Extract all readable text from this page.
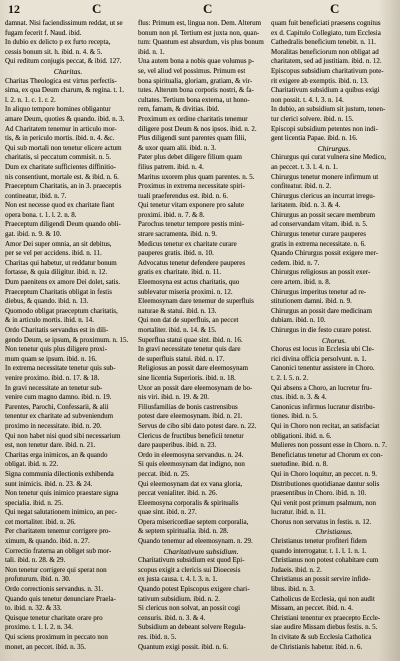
12	C	C	C
damnat. Nisi faciendissimum reddat, ut se
fugam fecerit f. Naud. ibid.
In dubio ex delicto p ex furto recepta,
cessis bonum sit. h. ibid. n. 4. & 5.
Qui reditum conjugis peccat, & ibid. 127.
Charitas.
Charitas Theologica est virtus perfectis-
sima, ex qua Deum charum, & regina. t. 1.
l. 2. n. 1. c. 1. r. 2.
In aliquo tempore homines obligantur
amare Deum, quoties & quando. ibid. n. 3.
Ad Charitatem tenemur in articulo mor-
tis, & in periculo mortis. ibid. n. 4. &c.
Qui sub mortali non tenetur elicere actum
charitatis, si peccatum commisit. n. 5.
Dum ex charitate sufficientes diffinitio-
nis consentiunt, mortale est. & ibid. n. 6.
Praeceptum Charitatis, an in 3. praeceptis
contineatur, ibid. n. 7.
Non est necesse quod ex charitate fiant
opera bona. t. 1. l. 2. n. 8.
Praeceptum diligendi Deum quando obli-
gat. ibid. n. 9. & 10.
Amor Dei super omnia, an sit debitus,
per se vel per accidens. ibid. n. 11.
Charitas qui habetur, ut reddatur bonum
fortasse, & quia diligitur. ibid. n. 12.
Dum paenitens ex amore Dei dolet, satis.
Praeceptum Charitatis obligat in festis
diebus, & quando. ibid. n. 13.
Quomodo obligat praeceptum charitatis,
& in articulo mortis. ibid. n. 14.
Ordo Charitatis servandus est in dili-
gendo Deum, se ipsum, & proximum. n. 15.
Non tenetur quis plus diligere proxi-
mum quam se ipsum. ibid. n. 16.
In extrema necessitate tenetur quis sub-
venire proximo. ibid. n. 17. & 18.
In gravi necessitate an tenetur sub-
venire cum magno damno. ibid. n. 19.
Parentes, Parochi, Confessarii, & alii
tenentur ex charitate ad subveniendum
proximo in necessitate. ibid. n. 20.
Qui non habet nisi quod sibi necessarium
est, non tenetur dare. ibid. n. 21.
Charitas erga inimicos, an & quando
obligat. ibid. n. 22.
Signa communia dilectionis exhibenda
sunt inimicis. ibid. n. 23. & 24.
Non tenetur quis inimico praestare signa
specialia. ibid. n. 25.
Qui negat salutationem inimico, an pec-
cet mortaliter. ibid. n. 26.
Per charitatem tenemur corrigere pro-
ximum, & quando. ibid. n. 27.
Correctio fraterna an obliget sub mor-
tali. ibid. n. 28. & 29.
Non tenetur corrigere qui sperat non
profuturum. ibid. n. 30.
Ordo correctionis servandus. n. 31.
Quando quis tenetur denunciare Praela-
to. ibid. n. 32. & 33.
Quisque tenetur charitate orare pro
proximo. t. 1. l. 2. n. 34.
Qui sciens proximum in peccato non
monet, an peccet. ibid. n. 35.
flus: Primum est, lingua non. Dem. Alterum
bonum non pl. Tertium est juxta non, quan-
tum: Quantum est absurdum, vis plus bonum
ibid. n. 1.
Una autem bona a nobis quae volumus p-
se, vel aliud vel possimus. Primum est
bona spiritualia, gloriam, gratiam, & vir-
tutes. Alterum bona corporis nostri, & fa-
cultates. Tertium bona externa, ut hono-
rem, famam, & divitias. ibid.
Proximum ex ordine charitatis tenemur
diligere post Deum & nos ipsos. ibid. n. 2.
Plus diligendi sunt parentes quam filii,
& uxor quam alii. ibid. n. 3.
Pater plus debet diligere filium quam
filius patrem. ibid. n. 4.
Maritus uxorem plus quam parentes. n. 5.
Proximus in extrema necessitate spiri-
tuali praeferendus est. ibid. n. 6.
Qui tenetur vitam exponere pro salute
proximi. ibid. n. 7. & 8.
Parochus tenetur tempore pestis mini-
strare sacramenta. ibid. n. 9.
Medicus tenetur ex charitate curare
pauperes gratis. ibid. n. 10.
Advocatus tenetur defendere pauperes
gratis ex charitate. ibid. n. 11.
Eleemosyna est actus charitatis, quo
sublevatur miseria proximi. n. 12.
Eleemosynam dare tenemur de superfluis
naturae & statui. ibid. n. 13.
Qui non dat de superfluis, an peccet
mortaliter. ibid. n. 14. & 15.
Superflua statui quae sint. ibid. n. 16.
In gravi necessitate tenetur quis dare
de superfluis statui. ibid. n. 17.
Religiosus an possit dare eleemosynam
sine licentia Superioris. ibid. n. 18.
Uxor an possit dare eleemosynam de bo-
nis viri. ibid. n. 19. & 20.
Filiusfamilias de bonis castrensibus
potest dare eleemosynam. ibid. n. 21.
Servus de cibo sibi dato potest dare. n. 22.
Clericus de fructibus beneficii tenetur
dare pauperibus. ibid. n. 23.
Ordo in eleemosyna servandus. n. 24.
Si quis eleemosynam dat indigno, non
peccat. ibid. n. 25.
Qui eleemosynam dat ex vana gloria,
peccat venialiter. ibid. n. 26.
Eleemosyna corporalis & spiritualis
quae sint. ibid. n. 27.
Opera misericordiae septem corporalia,
& septem spiritualia. ibid. n. 28.
Quando tenemur ad eleemosynam. n. 29.
Charitativum subsidium.
Charitativum subsidium est quod Epi-
scopus exigit a clericis sui Dioecesis
ex justa causa. t. 4. l. 3. n. 1.
Quando potest Episcopus exigere chari-
tativum subsidium. ibid. n. 2.
Si clericus non solvat, an possit cogi
censuris. ibid. n. 3. & 4.
Subsidium an debeant solvere Regula-
res. ibid. n. 5.
Quantum exigi possit. ibid. n. 6.
quam fuit beneficiati praesens cognitus
ex d. Capitulo Collegiato, tum Ecclesia
Cathedralis beneficium tenebit. n. 11.
Moralitas beneficiorum non obligat ad
charitatem, sed ad justitiam. ibid. n. 12.
Episcopus subsidium charitativum pote-
rit exigere ab exemptis. ibid. n. 13.
Charitativum subsidium a quibus exigi
non possit. t. 4. l. 3. n. 14.
In dubio, an subsidium sit justum, tenen-
tur clerici solvere. ibid. n. 15.
Episcopi subsidium petentes non indi-
gent licentia Papae. ibid. n. 16.
Chirurgus.
Chirurgus qui curat vulnera sine Medico,
an peccet. t. 3. l. 4. n. 1.
Chirurgus tenetur monere infirmum ut
confiteatur. ibid. n. 2.
Chirurgus clericus an incurrat irregu-
laritatem. ibid. n. 3. & 4.
Chirurgus an possit secare membrum
ad conservandam vitam. ibid. n. 5.
Chirurgus tenetur curare pauperes
gratis in extrema necessitate. n. 6.
Quando Chirurgus possit exigere mer-
cedem. ibid. n. 7.
Chirurgus religiosus an possit exer-
cere artem. ibid. n. 8.
Chirurgus imperitus tenetur ad re-
stitutionem damni. ibid. n. 9.
Chirurgus an possit dare medicinam
dubiam. ibid. n. 10.
Chirurgus in die festo curare potest.
Chorus.
Chorus est locus in Ecclesia ubi Cle-
rici divina officia persolvunt. n. 1.
Canonici tenentur assistere in Choro.
t. 2. l. 5. n. 2.
Qui absens a Choro, an lucretur fru-
ctus. ibid. n. 3. & 4.
Canonicus infirmus lucratur distribu-
tiones. ibid. n. 5.
Qui in Choro non recitat, an satisfaciat
obligationi. ibid. n. 6.
Mulieres non possunt esse in Choro. n. 7.
Beneficiatus tenetur ad Chorum ex con-
suetudine. ibid. n. 8.
Qui in Choro loquitur, an peccet. n. 9.
Distributiones quotidianae dantur solis
praesentibus in Choro. ibid. n. 10.
Qui venit post primum psalmum, non
lucratur. ibid. n. 11.
Chorus non servatus in festis. n. 12.
Christianus.
Christianus tenetur profiteri fidem
quando interrogatur. t. 1. l. 1. n. 1.
Christianus non potest cohabitare cum
Judaeis. ibid. n. 2.
Christianus an possit servire infide-
libus. ibid. n. 3.
Catholicus de Ecclesia, qui non audit
Missam, an peccet. ibid. n. 4.
Christiani tenentur ex praecepto Eccle-
siae audire Missam diebus festis. n. 5.
In civitate & sub Ecclesia Catholica
de Christianis habetur. ibid. n. 6.
